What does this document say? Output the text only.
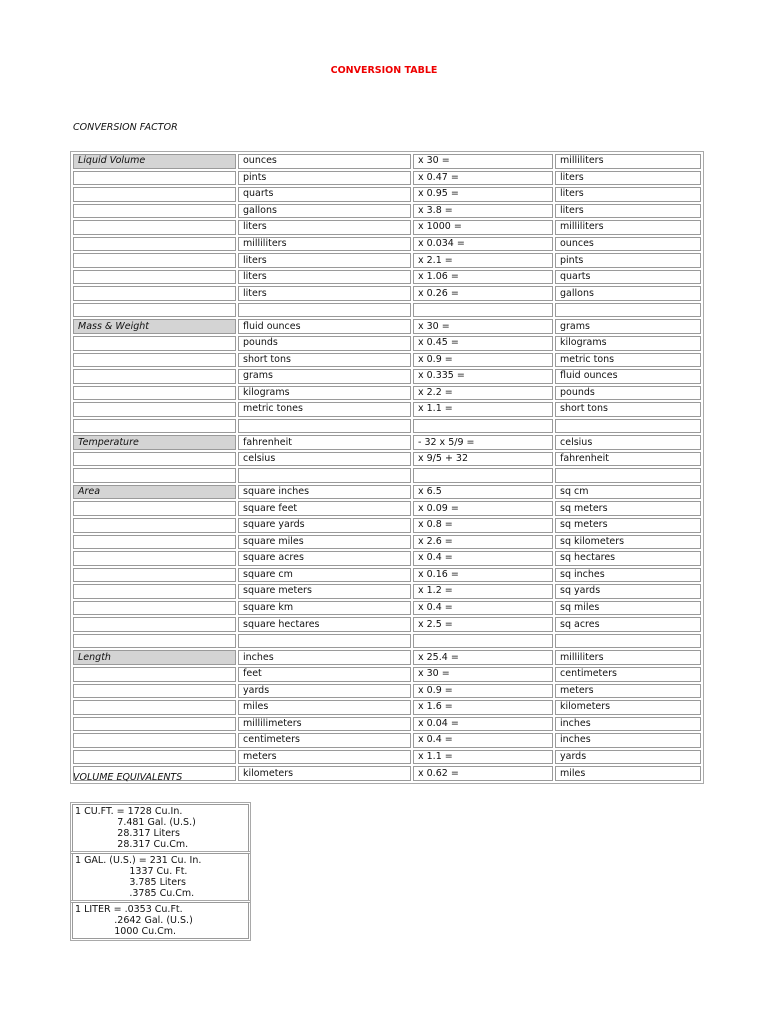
CONVERSION TABLE
CONVERSION FACTOR
Liquid Volume	ounces	x 30 =	milliliters
	pints	x 0.47 =	liters
	quarts	x 0.95 =	liters
	gallons	x 3.8 =	liters
	liters	x 1000 =	milliliters
	milliliters	x 0.034 =	ounces
	liters	x 2.1 =	pints
	liters	x 1.06 =	quarts
	liters	x 0.26 =	gallons

Mass & Weight	fluid ounces	x 30 =	grams
	pounds	x 0.45 =	kilograms
	short tons	x 0.9 =	metric tons
	grams	x 0.335 =	fluid ounces
	kilograms	x 2.2 =	pounds
	metric tones	x 1.1 =	short tons

Temperature	fahrenheit	- 32 x 5/9 =	celsius
	celsius	x 9/5 + 32	fahrenheit

Area	square inches	x 6.5	sq cm
	square feet	x 0.09 =	sq meters
	square yards	x 0.8 =	sq meters
	square miles	x 2.6 =	sq kilometers
	square acres	x 0.4 =	sq hectares
	square cm	x 0.16 =	sq inches
	square meters	x 1.2 =	sq yards
	square km	x 0.4 =	sq miles
	square hectares	x 2.5 =	sq acres

Length	inches	x 25.4 =	milliliters
	feet	x 30 =	centimeters
	yards	x 0.9 =	meters
	miles	x 1.6 =	kilometers
	millilimeters	x 0.04 =	inches
	centimeters	x 0.4 =	inches
	meters	x 1.1 =	yards
	kilometers	x 0.62 =	miles
VOLUME EQUIVALENTS
1 CU.FT. = 1728 Cu.In.
7.481 Gal. (U.S.)
28.317 Liters
28.317 Cu.Cm.
1 GAL. (U.S.) = 231 Cu. In.
1337 Cu. Ft.
3.785 Liters
.3785 Cu.Cm.
1 LITER = .0353 Cu.Ft.
.2642 Gal. (U.S.)
1000 Cu.Cm.
